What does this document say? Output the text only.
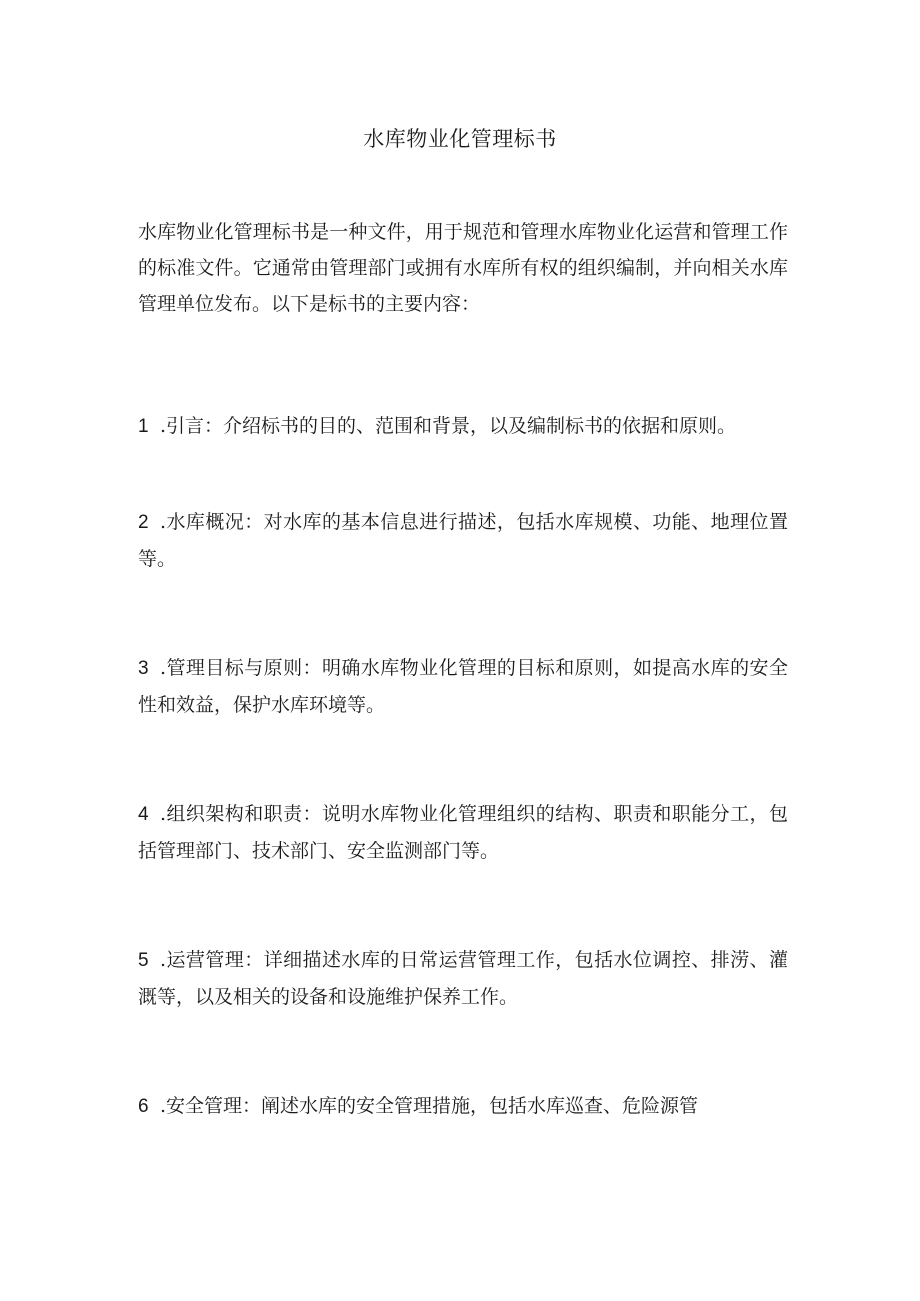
水库物业化管理标书
水库物业化管理标书是一种文件，用于规范和管理水库物业化运营和管理工作的标准文件。它通常由管理部门或拥有水库所有权的组织编制，并向相关水库管理单位发布。以下是标书的主要内容：
1 .引言：介绍标书的目的、范围和背景，以及编制标书的依据和原则。
2 .水库概况：对水库的基本信息进行描述，包括水库规模、功能、地理位置等。
3 .管理目标与原则：明确水库物业化管理的目标和原则，如提高水库的安全性和效益，保护水库环境等。
4 .组织架构和职责：说明水库物业化管理组织的结构、职责和职能分工，包括管理部门、技术部门、安全监测部门等。
5 .运营管理：详细描述水库的日常运营管理工作，包括水位调控、排涝、灌溉等，以及相关的设备和设施维护保养工作。
6 .安全管理：阐述水库的安全管理措施，包括水库巡查、危险源管
